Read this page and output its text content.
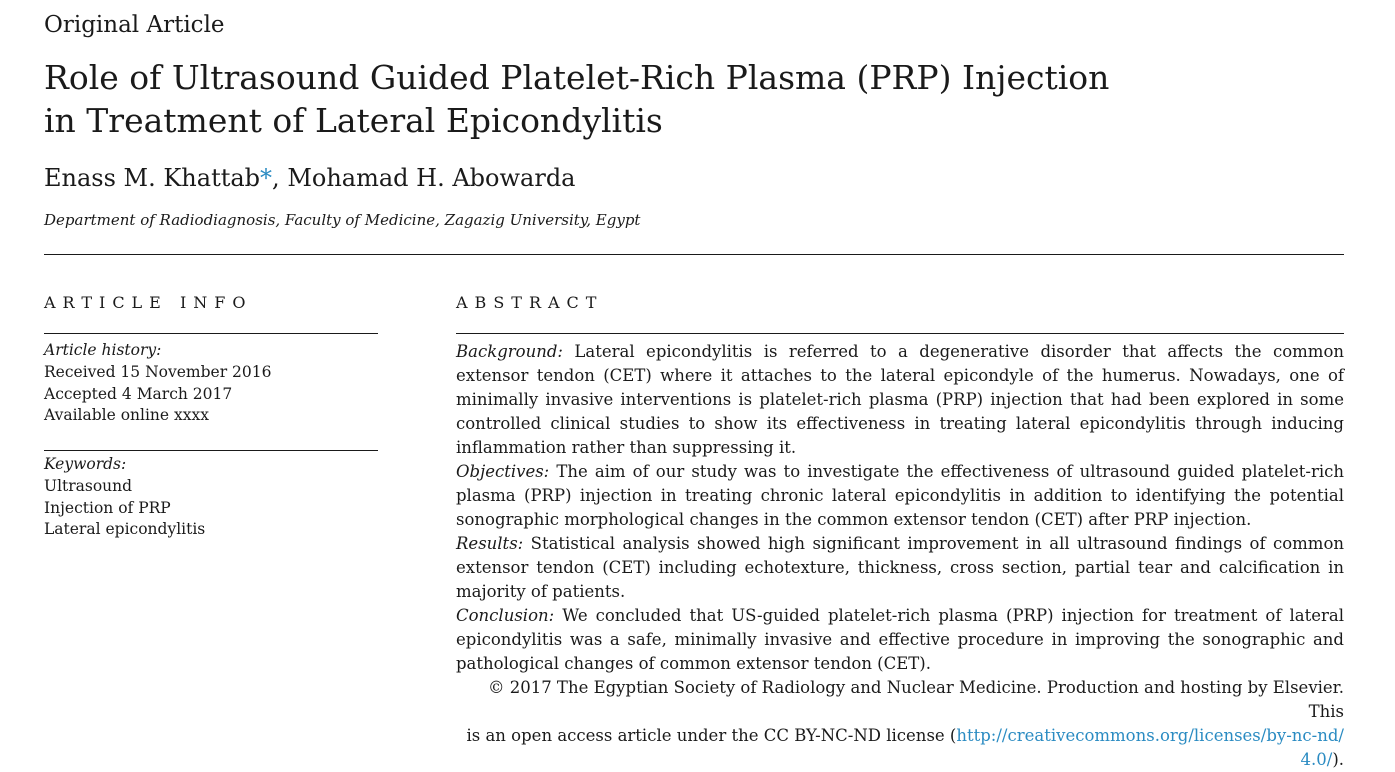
Original Article
Role of Ultrasound Guided Platelet-Rich Plasma (PRP) Injection
in Treatment of Lateral Epicondylitis
Enass M. Khattab*, Mohamad H. Abowarda
Department of Radiodiagnosis, Faculty of Medicine, Zagazig University, Egypt
ARTICLE INFO
Article history:
Received 15 November 2016
Accepted 4 March 2017
Available online xxxx
Keywords:
Ultrasound
Injection of PRP
Lateral epicondylitis
ABSTRACT

Background: Lateral epicondylitis is referred to a degenerative disorder that affects the common extensor tendon (CET) where it attaches to the lateral epicondyle of the humerus. Nowadays, one of minimally invasive interventions is platelet-rich plasma (PRP) injection that had been explored in some controlled clinical studies to show its effectiveness in treating lateral epicondylitis through inducing inflammation rather than suppressing it.

Objectives: The aim of our study was to investigate the effectiveness of ultrasound guided platelet-rich plasma (PRP) injection in treating chronic lateral epicondylitis in addition to identifying the potential sonographic morphological changes in the common extensor tendon (CET) after PRP injection.

Results: Statistical analysis showed high significant improvement in all ultrasound findings of common extensor tendon (CET) including echotexture, thickness, cross section, partial tear and calcification in majority of patients.

Conclusion: We concluded that US-guided platelet-rich plasma (PRP) injection for treatment of lateral epicondylitis was a safe, minimally invasive and effective procedure in improving the sonographic and pathological changes of common extensor tendon (CET).

© 2017 The Egyptian Society of Radiology and Nuclear Medicine. Production and hosting by Elsevier. This
is an open access article under the CC BY-NC-ND license (http://creativecommons.org/licenses/by-nc-nd/
4.0/).
